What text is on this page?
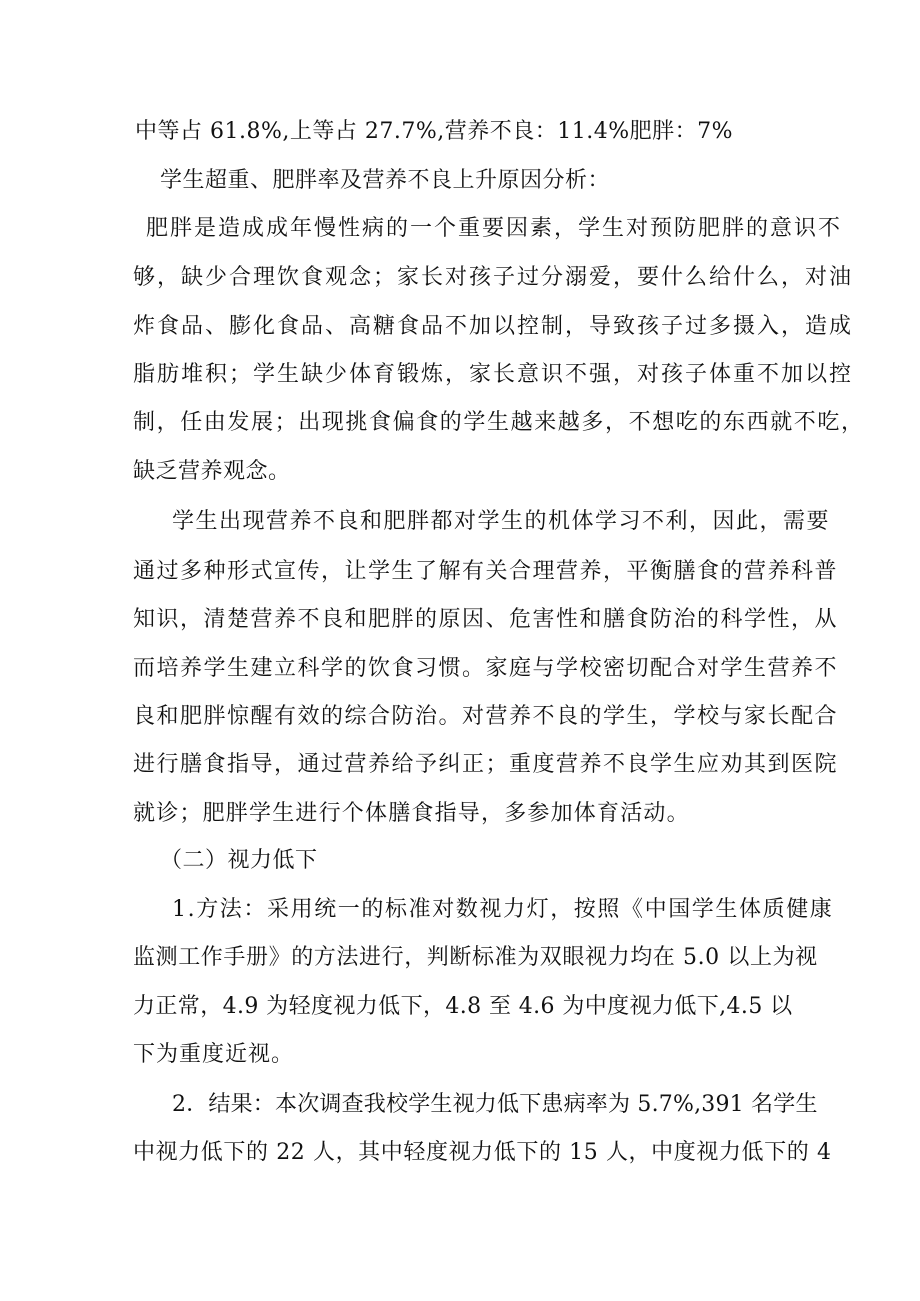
中等占 61.8%,上等占 27.7%,营养不良：11.4%肥胖：7%
学生超重、肥胖率及营养不良上升原因分析：
肥胖是造成成年慢性病的一个重要因素，学生对预防肥胖的意识不
够，缺少合理饮食观念；家长对孩子过分溺爱，要什么给什么，对油
炸食品、膨化食品、高糖食品不加以控制，导致孩子过多摄入，造成
脂肪堆积；学生缺少体育锻炼，家长意识不强，对孩子体重不加以控
制，任由发展；出现挑食偏食的学生越来越多，不想吃的东西就不吃，
缺乏营养观念。
学生出现营养不良和肥胖都对学生的机体学习不利，因此，需要
通过多种形式宣传，让学生了解有关合理营养，平衡膳食的营养科普
知识，清楚营养不良和肥胖的原因、危害性和膳食防治的科学性，从
而培养学生建立科学的饮食习惯。家庭与学校密切配合对学生营养不
良和肥胖惊醒有效的综合防治。对营养不良的学生，学校与家长配合
进行膳食指导，通过营养给予纠正；重度营养不良学生应劝其到医院
就诊；肥胖学生进行个体膳食指导，多参加体育活动。
（二）视力低下
1.方法：采用统一的标准对数视力灯，按照《中国学生体质健康
监测工作手册》的方法进行，判断标准为双眼视力均在 5.0 以上为视
力正常，4.9 为轻度视力低下，4.8 至 4.6 为中度视力低下,4.5 以
下为重度近视。
2．结果：本次调查我校学生视力低下患病率为 5.7%,391 名学生
中视力低下的 22 人，其中轻度视力低下的 15 人，中度视力低下的 4
